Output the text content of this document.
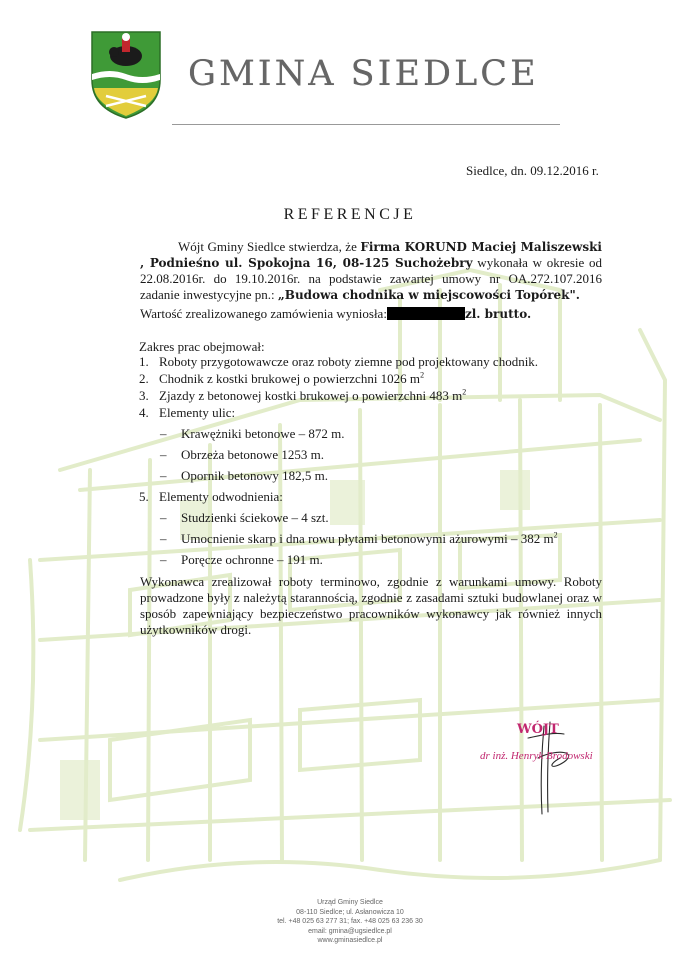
GMINA SIEDLCE
Siedlce, dn. 09.12.2016 r.
REFERENCJE

Wójt Gminy Siedlce stwierdza, że Firma KORUND Maciej Maliszewski , Podnieśno ul. Spokojna 16, 08-125 Suchożebry wykonała w okresie od 22.08.2016r. do 19.10.2016r. na podstawie zawartej umowy nr OA.272.107.2016 zadanie inwestycyjne pn.: „Budowa chodnika w miejscowości Topórek".

Wartość zrealizowanego zamówienia wyniosła:	zl. brutto.
Zakres prac obejmował:
1. Roboty przygotowawcze oraz roboty ziemne pod projektowany chodnik.
2. Chodnik z kostki brukowej o powierzchni 1026 $m^2$
3. Zjazdy z betonowej kostki brukowej o powierzchni 483 $m^2$
4. Elementy ulic:
–	Krawężniki betonowe – 872 m.
–	Obrzeża betonowe 1253 m.
–	Opornik betonowy 182,5 m.
5. Elementy odwodnienia:
–	Studzienki ściekowe – 4 szt.
–	Umocnienie skarp i dna rowu płytami betonowymi ażurowymi – 382 $m^2$
–	Poręcze ochronne – 191 m.

Wykonawca zrealizował roboty terminowo, zgodnie z warunkami umowy. Roboty prowadzone były z należytą starannością, zgodnie z zasadami sztuki budowlanej oraz w sposób zapewniający bezpieczeństwo pracowników wykonawcy jak również innych użytkowników drogi.

WÓJT
dr inż. Henryk Brodowski
Urząd Gminy Siedlce
08-110 Siedlce; ul. Asłanowicza 10
tel. +48 025 63 277 31; fax. +48 025 63 236 30
email: gmina@ugsiedlce.pl
www.gminasiedlce.pl
